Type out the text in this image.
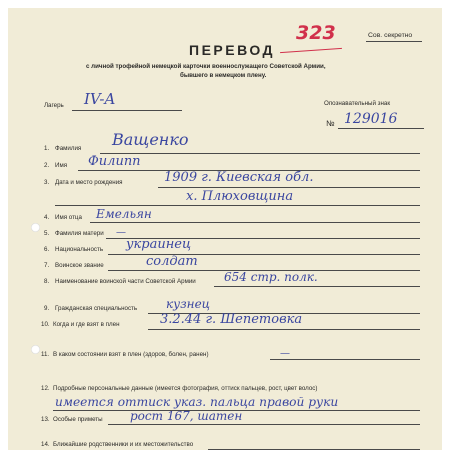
323	Сов. секретно
ПЕРЕВОД
с личной трофейной немецкой карточки военнослужащего Советской Армии,
бывшего в немецком плену.
Лагерь IV-A	Опознавательный знак
№ 129016
1. Фамилия Ващенко
2. Имя Филипп
3. Дата и место рождения	1909 г. Киевская обл.
х. Плюховщина
4. Имя отца Емельян
5. Фамилия матери —
6. Национальность украинец
7. Воинское звание	солдат
8. Наименование воинской части Советской Армии 654 стр. полк.
9. Гражданская специальность кузнец
10. Когда и где взят в плен	3.2.44 г. Шепетовка
11. В каком состоянии взят в плен (здоров, болен, ранен)	—
12. Подробные персональные данные (имеется фотография, оттиск пальцев, рост, цвет волос)
имеется оттиск указ. пальца правой руки
13. Особые приметы рост 167, шатен
14. Ближайшие родственники и их местожительство
